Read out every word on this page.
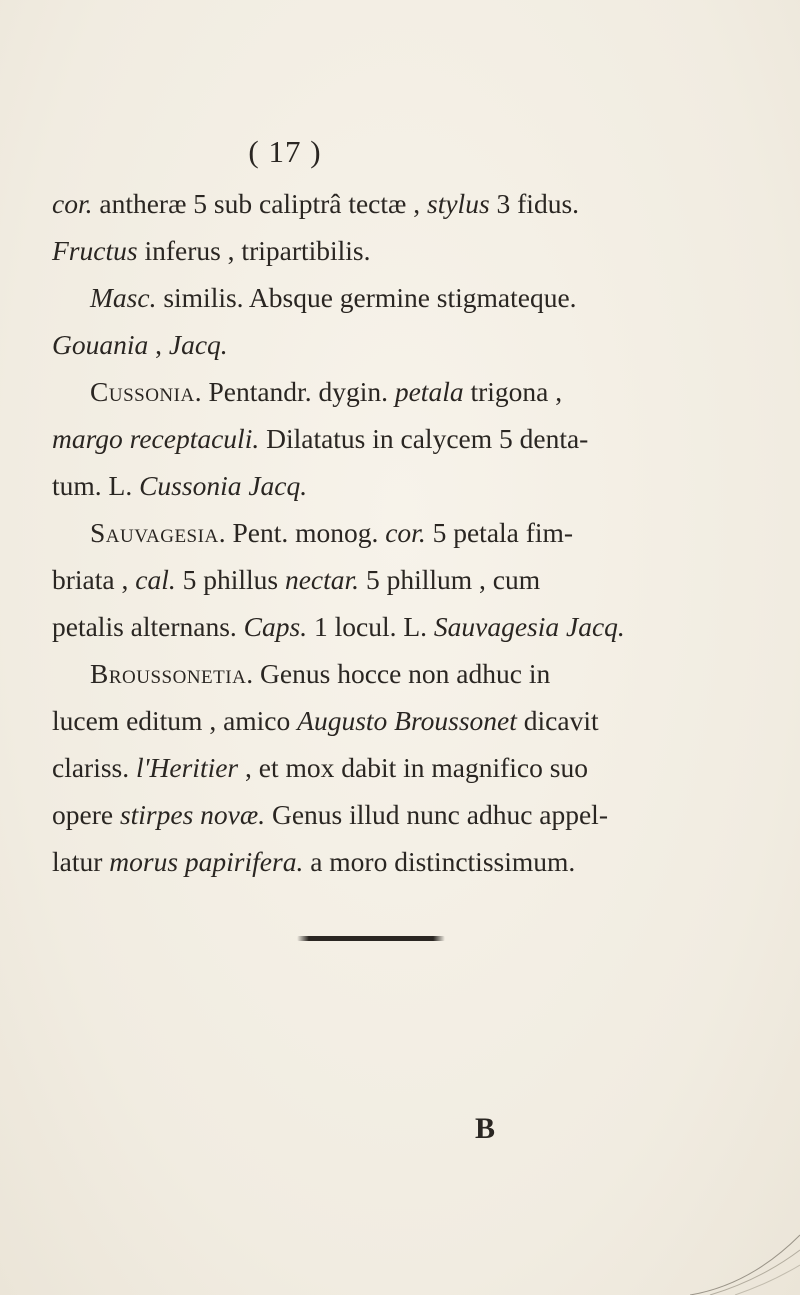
( 17 )
cor. antheræ 5 sub caliptrâ tectæ , stylus 3 fidus.
Fructus inferus , tripartibilis.
Masc. similis. Absque germine stigmateque.
Gouania , Jacq.
Cussonia. Pentandr. dygin. petala trigona ,
margo receptaculi. Dilatatus in calycem 5 denta-
tum. L. Cussonia Jacq.
Sauvagesia. Pent. monog. cor. 5 petala fim-
briata , cal. 5 phillus nectar. 5 phillum , cum
petalis alternans. Caps. 1 locul. L. Sauvagesia Jacq.
Broussonetia. Genus hocce non adhuc in
lucem editum , amico Augusto Broussonet dicavit
clariss. l'Heritier , et mox dabit in magnifico suo
opere stirpes novæ. Genus illud nunc adhuc appel-
latur morus papirifera. a moro distinctissimum.
B
